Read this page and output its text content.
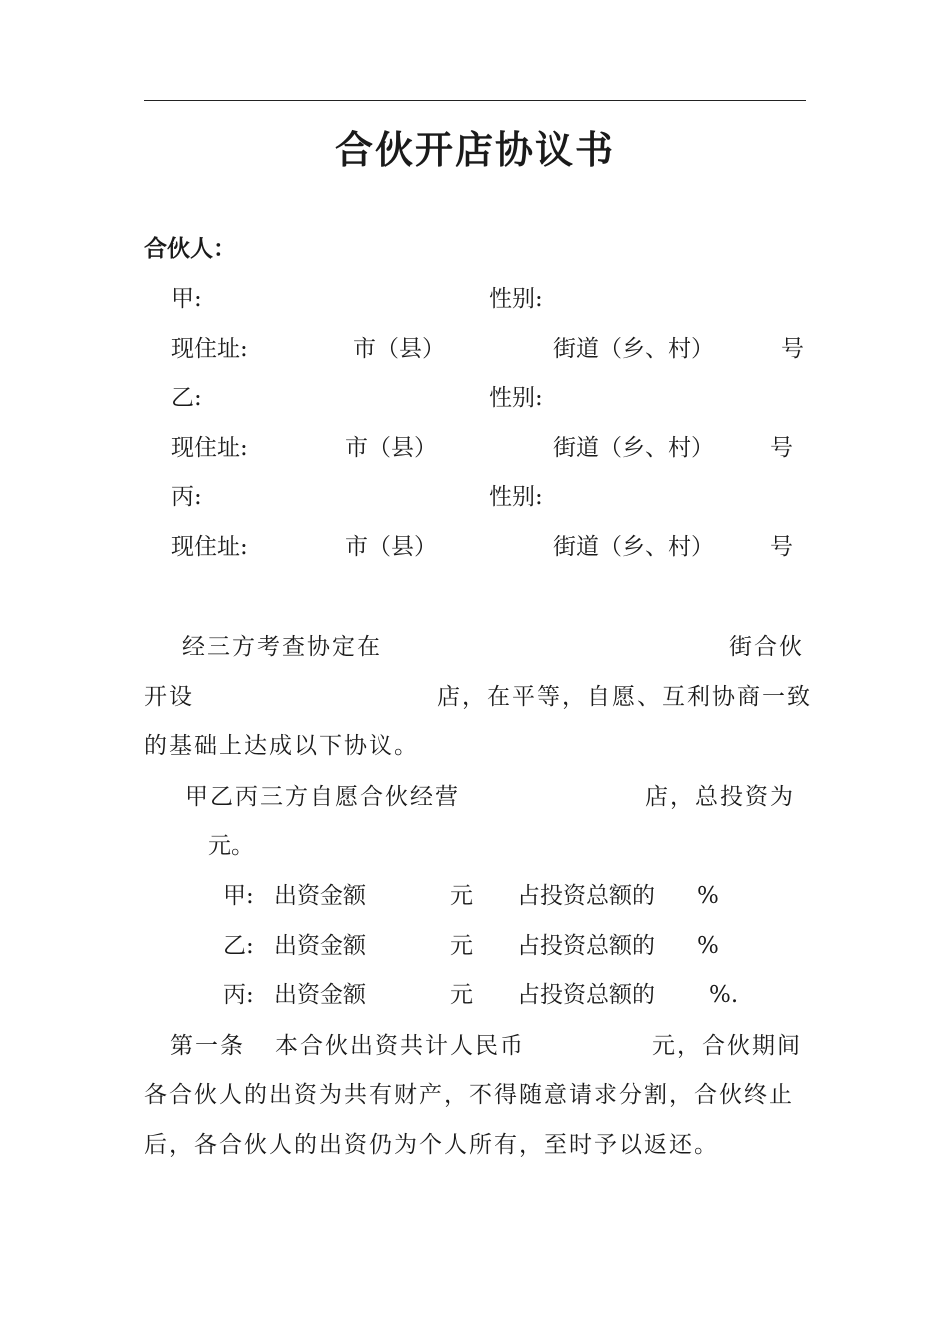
合伙开店协议书
合伙人：
甲:	性别:
现住址:	市（县）	街道（乡、村）	号
乙:	性别:
现住址:	市（县）	街道（乡、村） 号
丙:	性别:
现住址:	市（县）	街道（乡、村） 号
经三方考查协定在	街合伙
开设	店，在平等，自愿、互利协商一致
的基础上达成以下协议。
甲乙丙三方自愿合伙经营	店，总投资为
元。
甲: 出资金额	元 占投资总额的 %
乙: 出资金额	元 占投资总额的 %
丙: 出资金额	元 占投资总额的 %.
第一条 本合伙出资共计人民币	元，合伙期间
各合伙人的出资为共有财产，不得随意请求分割，合伙终止
后，各合伙人的出资仍为个人所有，至时予以返还。
